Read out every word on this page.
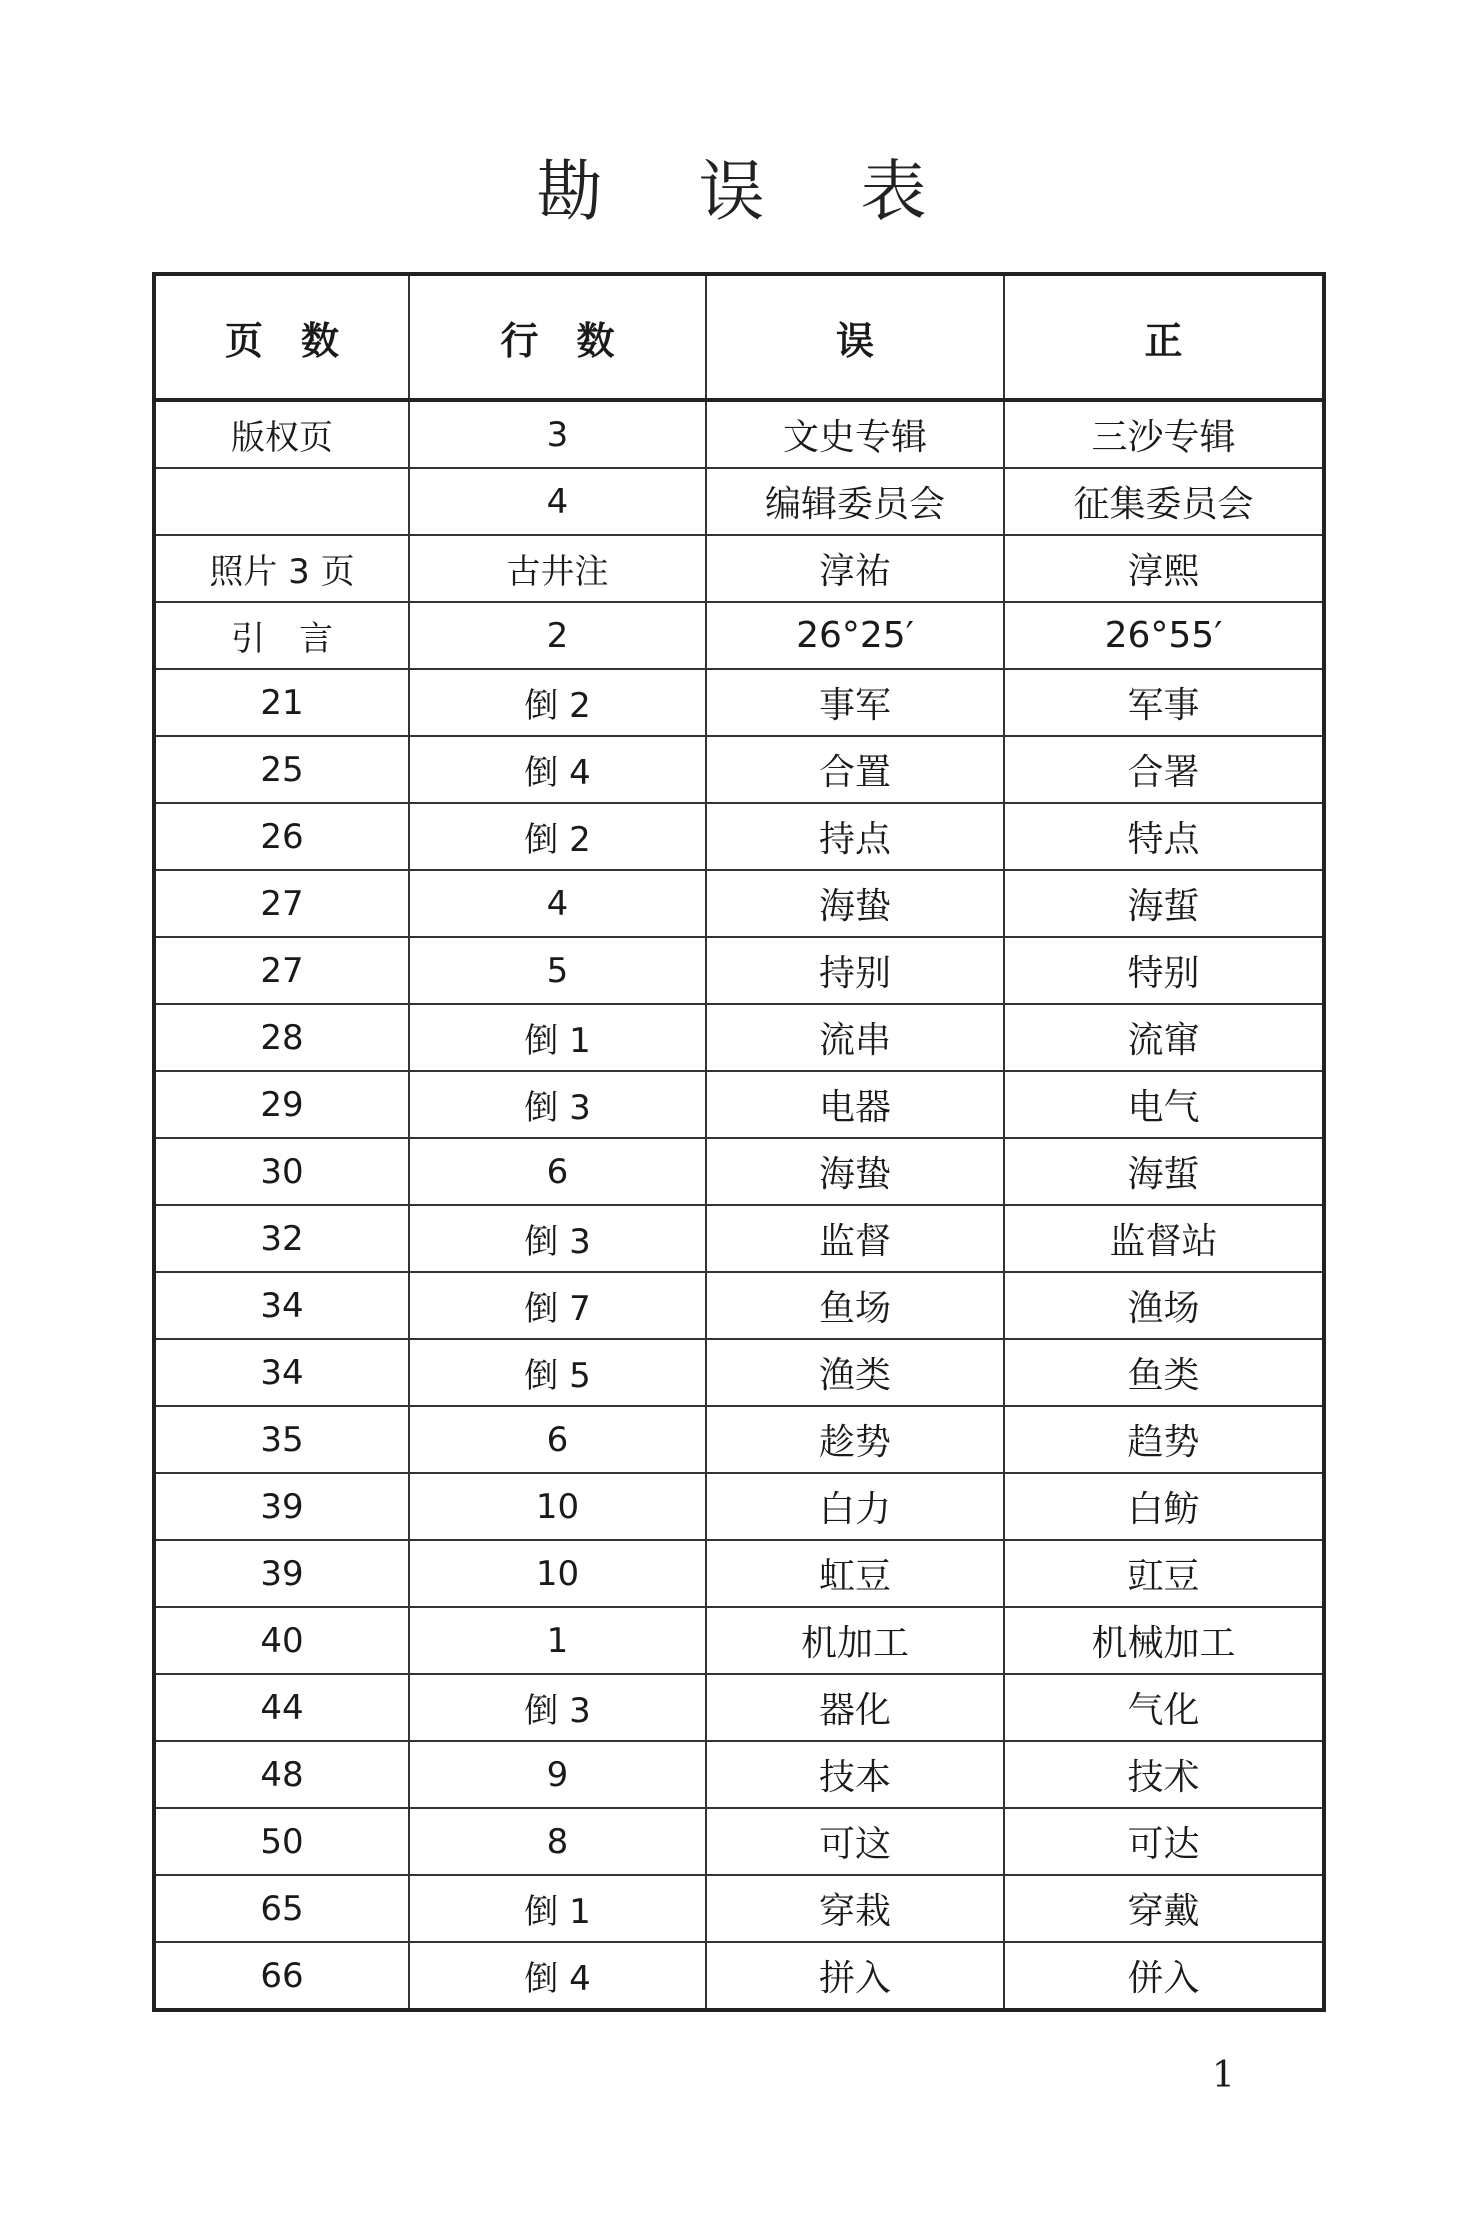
勘 误 表
页　数	行　数	误	正
版权页	3	文史专辑	三沙专辑
	4	编辑委员会	征集委员会
照片 3 页	古井注	淳祐	淳熙
引　言	2	26°25′	26°55′
21	倒 2	事军	军事
25	倒 4	合置	合署
26	倒 2	持点	特点
27	4	海蛰	海蜇
27	5	持别	特别
28	倒 1	流串	流窜
29	倒 3	电器	电气
30	6	海蛰	海蜇
32	倒 3	监督	监督站
34	倒 7	鱼场	渔场
34	倒 5	渔类	鱼类
35	6	趁势	趋势
39	10	白力	白鲂
39	10	虹豆	豇豆
40	1	机加工	机械加工
44	倒 3	器化	气化
48	9	技本	技术
50	8	可这	可达
65	倒 1	穿栽	穿戴
66	倒 4	拼入	併入
1
